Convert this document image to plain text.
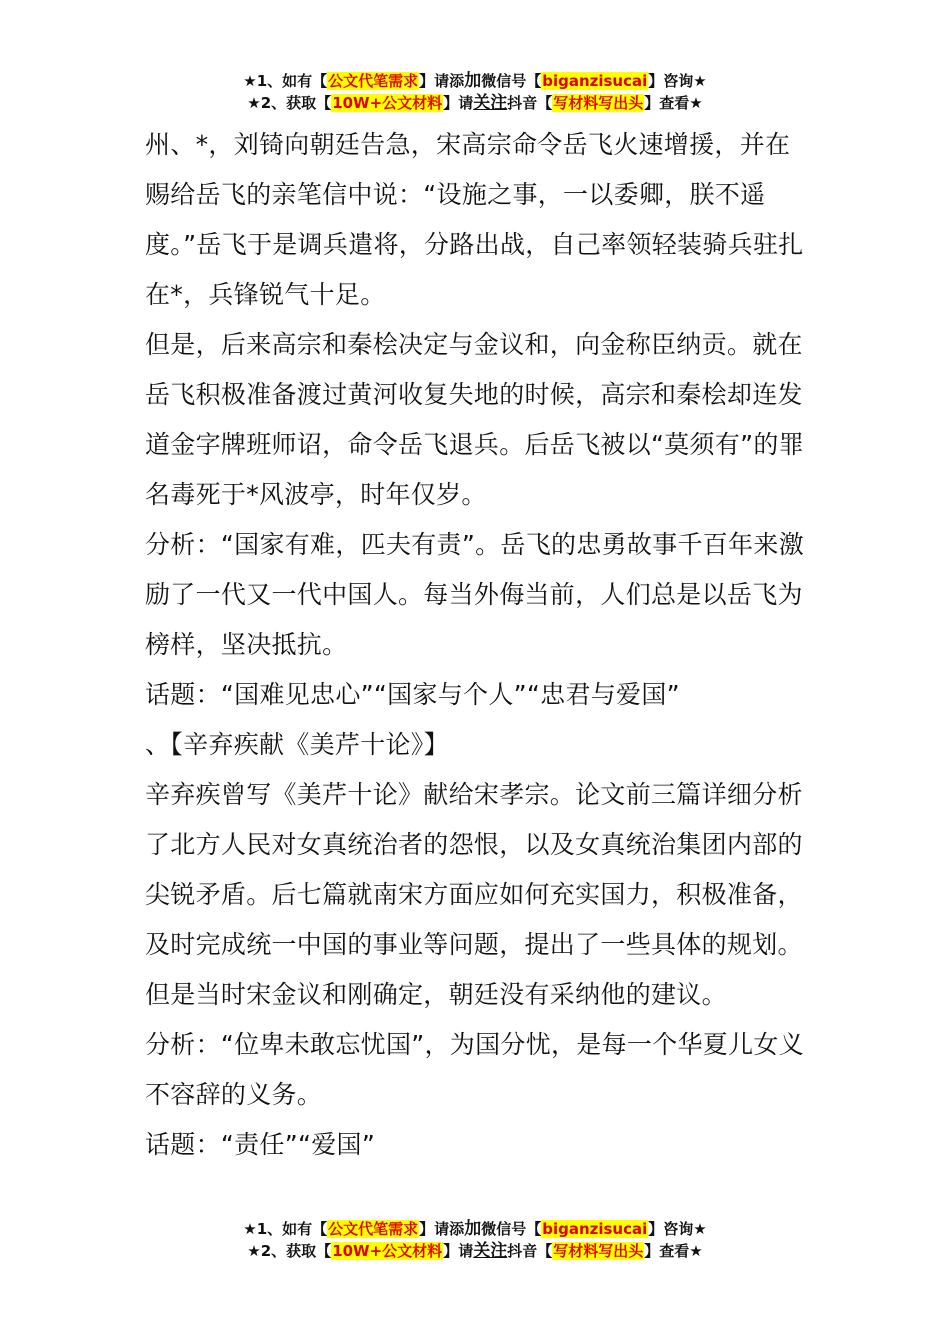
★1、如有【公文代笔需求】请添加微信号【biganzisucai】咨询★
★2、获取【10W+公文材料】请关注抖音【写材料写出头】查看★

州、*，刘锜向朝廷告急，宋高宗命令岳飞火速增援，并在赐给岳飞的亲笔信中说：“设施之事，一以委卿，朕不遥度。”岳飞于是调兵遣将，分路出战，自己率领轻装骑兵驻扎在*，兵锋锐气十足。

但是，后来高宗和秦桧决定与金议和，向金称臣纳贡。就在岳飞积极准备渡过黄河收复失地的时候，高宗和秦桧却连发道金字牌班师诏，命令岳飞退兵。后岳飞被以“莫须有”的罪名毒死于*风波亭，时年仅岁。

分析：“国家有难，匹夫有责”。岳飞的忠勇故事千百年来激励了一代又一代中国人。每当外侮当前，人们总是以岳飞为榜样，坚决抵抗。

话题：“国难见忠心”“国家与个人”“忠君与爱国”

、【辛弃疾献《美芹十论》】

辛弃疾曾写《美芹十论》献给宋孝宗。论文前三篇详细分析了北方人民对女真统治者的怨恨，以及女真统治集团内部的尖锐矛盾。后七篇就南宋方面应如何充实国力，积极准备，及时完成统一中国的事业等问题，提出了一些具体的规划。但是当时宋金议和刚确定，朝廷没有采纳他的建议。

分析：“位卑未敢忘忧国”，为国分忧，是每一个华夏儿女义不容辞的义务。

话题：“责任”“爱国”

★1、如有【公文代笔需求】请添加微信号【biganzisucai】咨询★
★2、获取【10W+公文材料】请关注抖音【写材料写出头】查看★
